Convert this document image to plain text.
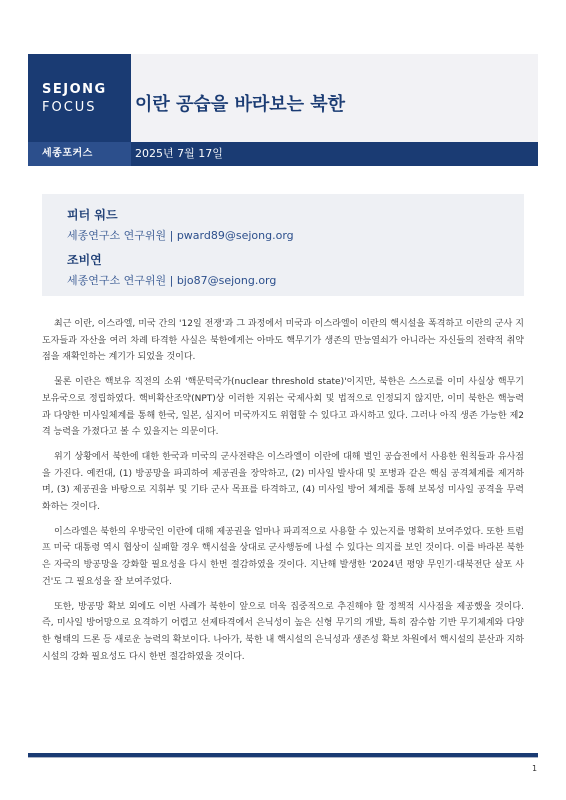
SEJONG
FOCUS 이란 공습을 바라보는 북한
세종포커스	2025년 7월 17일
피터 워드
세종연구소 연구위원 | pward89@sejong.org
조비연
세종연구소 연구위원 | bjo87@sejong.org

최근 이란, 이스라엘, 미국 간의 '12일 전쟁'과 그 과정에서 미국과 이스라엘이 이란의 핵시설을 폭격하고 이란의 군사 지도자들과 자산을 여러 차례 타격한 사실은 북한에게는 아마도 핵무기가 생존의 만능열쇠가 아니라는 자신들의 전략적 취약점을 재확인하는 계기가 되었을 것이다.

물론 이란은 핵보유 직전의 소위 '핵문턱국가(nuclear threshold state)'이지만, 북한은 스스로를 이미 사실상 핵무기 보유국으로 정립하였다. 핵비확산조약(NPT)상 이러한 지위는 국제사회 및 법적으로 인정되지 않지만, 이미 북한은 핵능력과 다양한 미사일체계를 통해 한국, 일본, 심지어 미국까지도 위협할 수 있다고 과시하고 있다. 그러나 아직 생존 가능한 제2격 능력을 가졌다고 볼 수 있을지는 의문이다.

위기 상황에서 북한에 대한 한국과 미국의 군사전략은 이스라엘이 이란에 대해 벌인 공습전에서 사용한 원칙들과 유사점을 가진다. 예컨대, (1) 방공망을 파괴하여 제공권을 장악하고, (2) 미사일 발사대 및 포병과 같은 핵심 공격체계를 제거하며, (3) 제공권을 바탕으로 지휘부 및 기타 군사 목표를 타격하고, (4) 미사일 방어 체계를 통해 보복성 미사일 공격을 무력화하는 것이다.

이스라엘은 북한의 우방국인 이란에 대해 제공권을 얼마나 파괴적으로 사용할 수 있는지를 명확히 보여주었다. 또한 트럼프 미국 대통령 역시 협상이 실패할 경우 핵시설을 상대로 군사행동에 나설 수 있다는 의지를 보인 것이다. 이를 바라본 북한은 자국의 방공망을 강화할 필요성을 다시 한번 절감하였을 것이다. 지난해 발생한 '2024년 평양 무인기·대북전단 살포 사건'도 그 필요성을 잘 보여주었다.

또한, 방공망 확보 외에도 이번 사례가 북한이 앞으로 더욱 집중적으로 추진해야 할 정책적 시사점을 제공했을 것이다. 즉, 미사일 방어망으로 요격하기 어렵고 선제타격에서 은닉성이 높은 신형 무기의 개발, 특히 잠수함 기반 무기체계와 다양한 형태의 드론 등 새로운 능력의 확보이다. 나아가, 북한 내 핵시설의 은닉성과 생존성 확보 차원에서 핵시설의 분산과 지하시설의 강화 필요성도 다시 한번 절감하였을 것이다.

1
